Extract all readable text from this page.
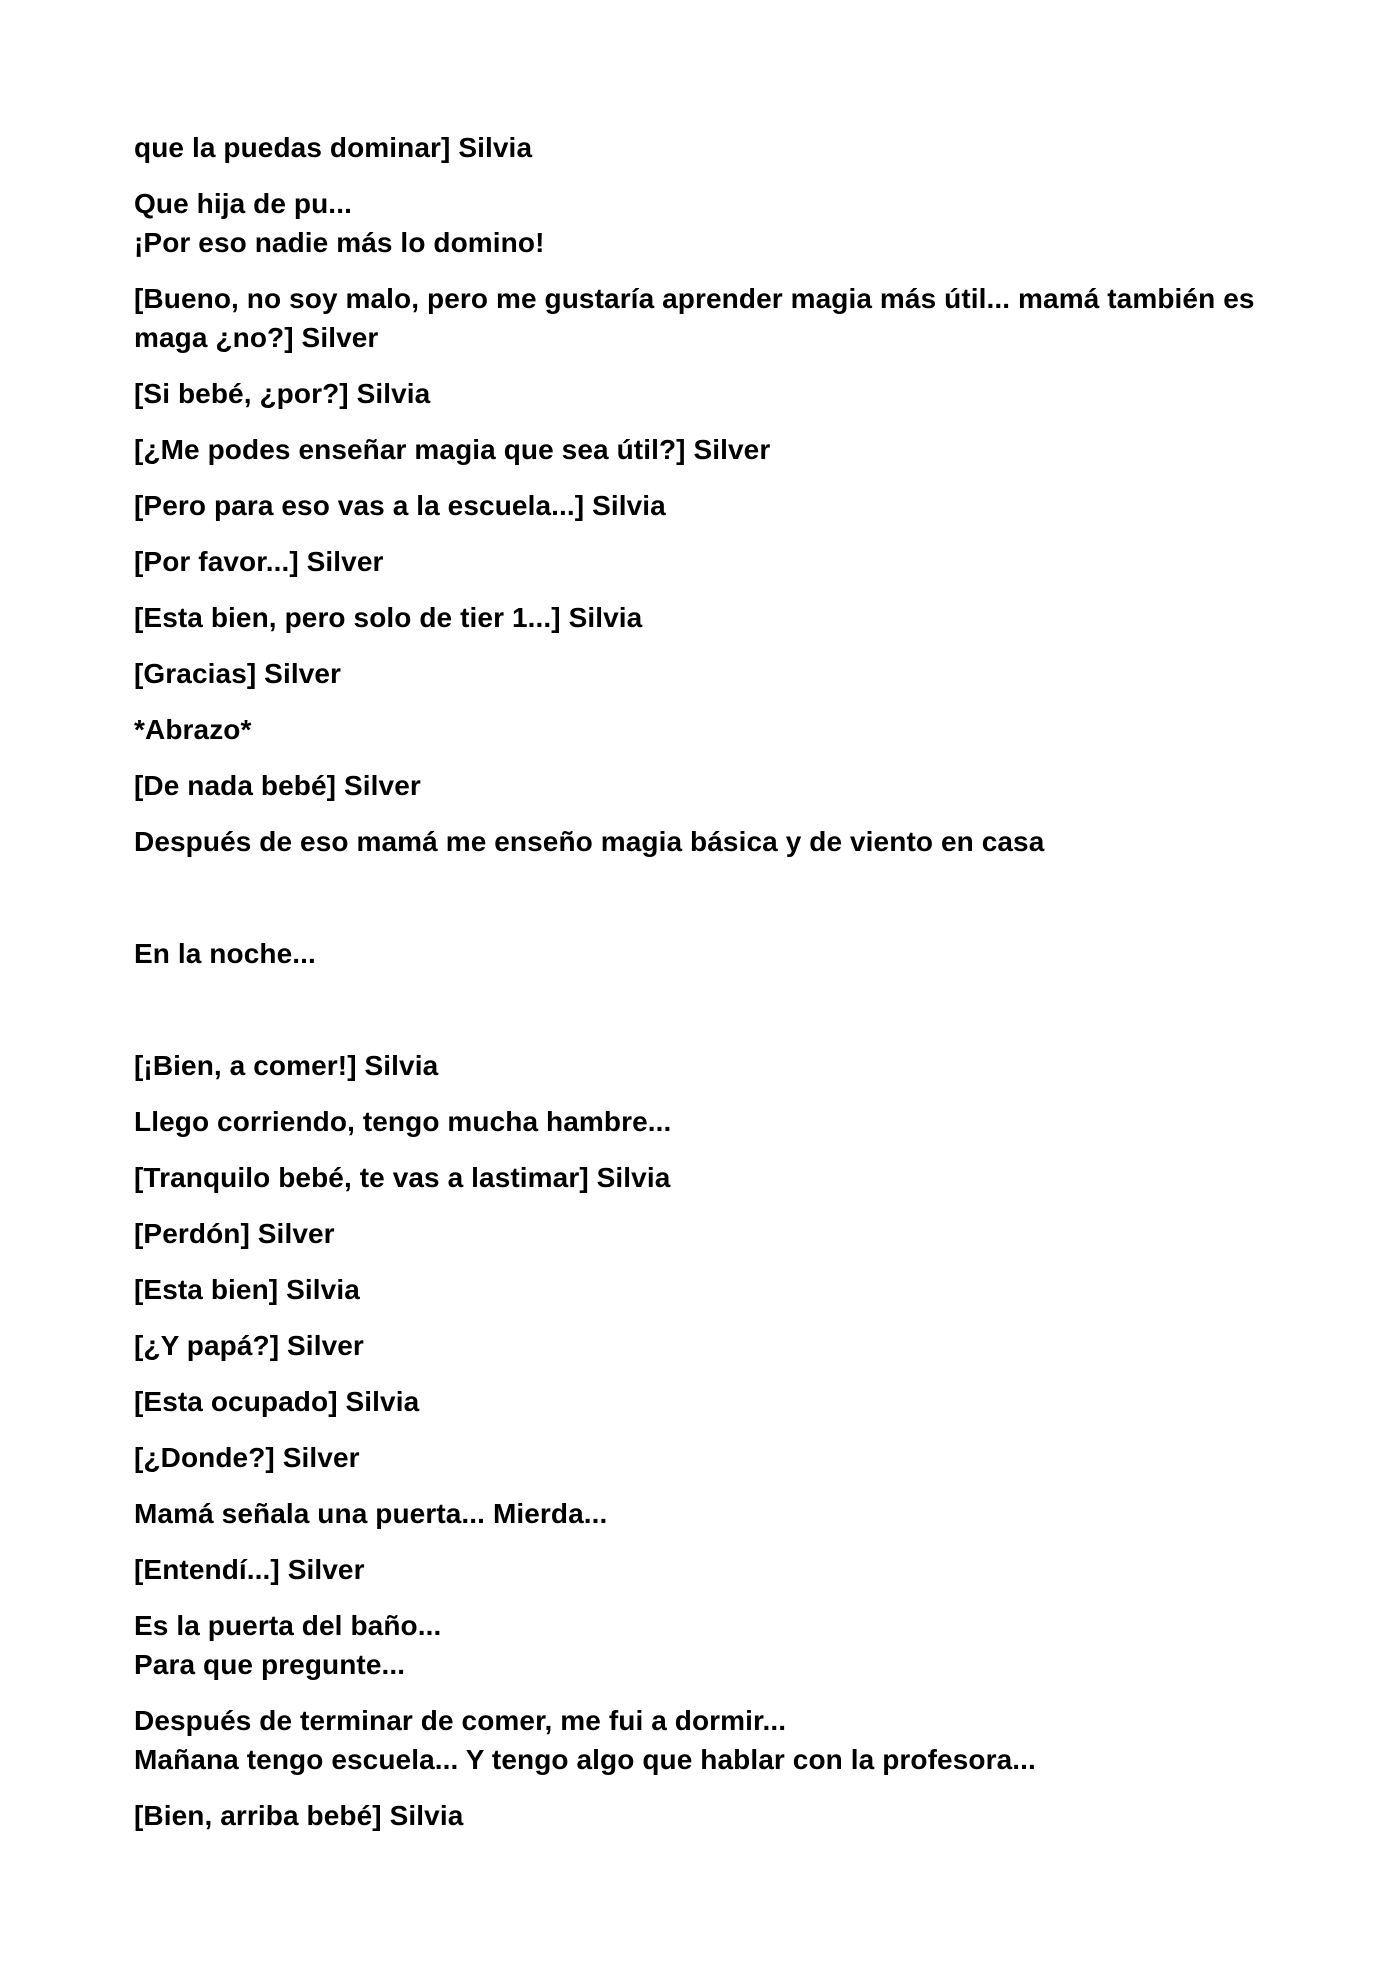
que la puedas dominar] Silvia

Que hija de pu...
¡Por eso nadie más lo domino!

[Bueno, no soy malo, pero me gustaría aprender magia más útil... mamá también es
maga ¿no?] Silver

[Si bebé, ¿por?] Silvia

[¿Me podes enseñar magia que sea útil?] Silver

[Pero para eso vas a la escuela...] Silvia

[Por favor...] Silver

[Esta bien, pero solo de tier 1...] Silvia

[Gracias] Silver

*Abrazo*

[De nada bebé] Silver

Después de eso mamá me enseño magia básica y de viento en casa

En la noche...

[¡Bien, a comer!] Silvia

Llego corriendo, tengo mucha hambre...

[Tranquilo bebé, te vas a lastimar] Silvia

[Perdón] Silver

[Esta bien] Silvia

[¿Y papá?] Silver

[Esta ocupado] Silvia

[¿Donde?] Silver

Mamá señala una puerta... Mierda...

[Entendí...] Silver

Es la puerta del baño...
Para que pregunte...

Después de terminar de comer, me fui a dormir...
Mañana tengo escuela... Y tengo algo que hablar con la profesora...

[Bien, arriba bebé] Silvia
